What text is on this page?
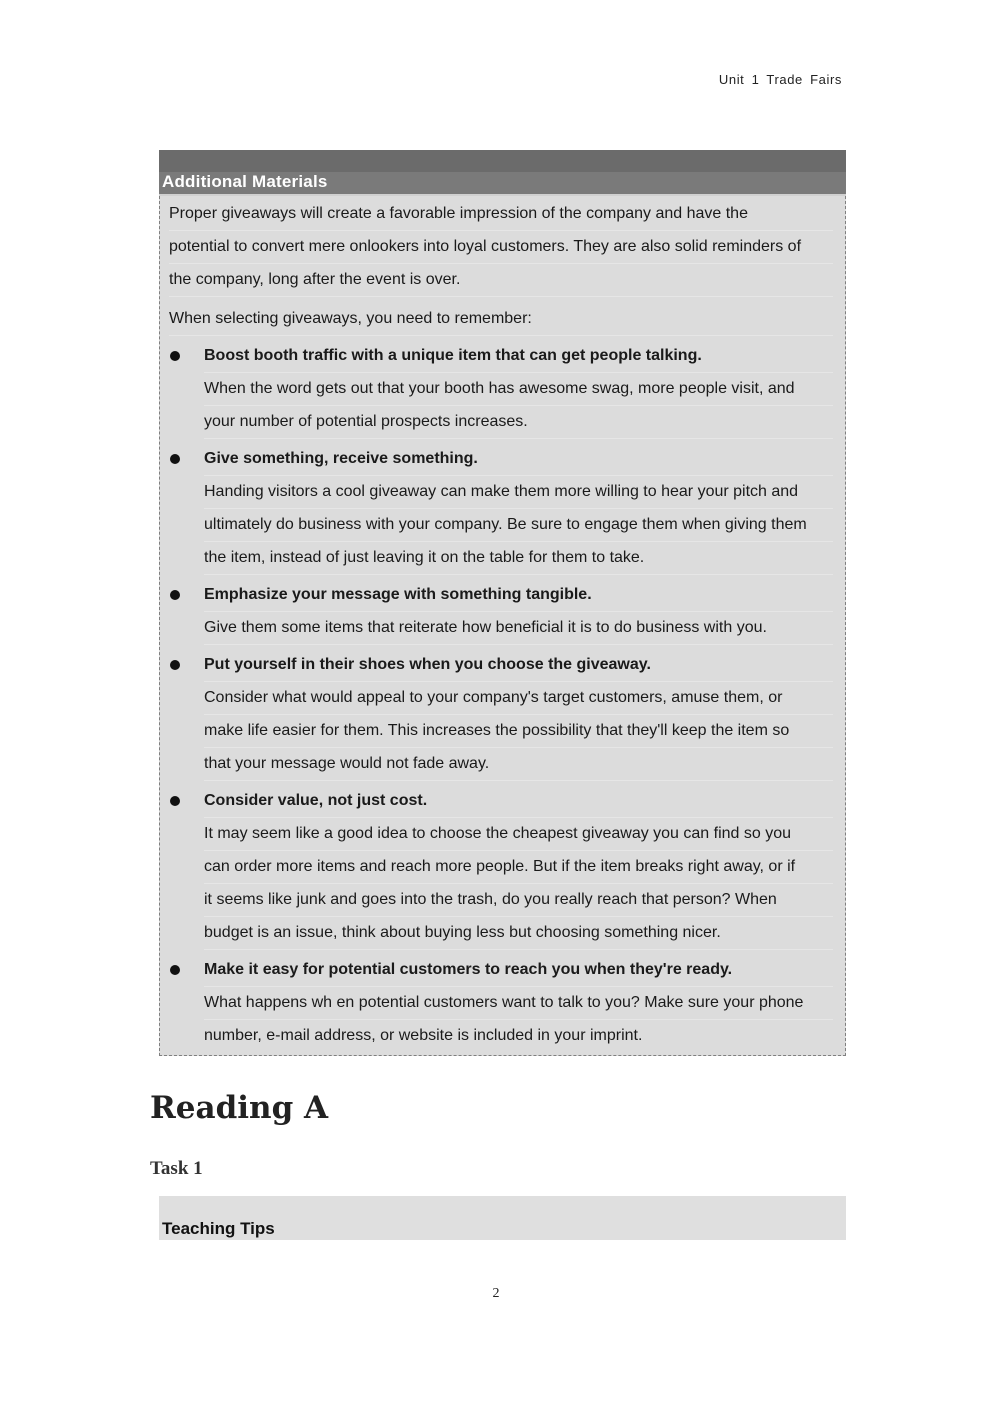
Unit 1 Trade Fairs
Additional Materials
Proper giveaways will create a favorable impression of the company and have the
potential to convert mere onlookers into loyal customers. They are also solid reminders of
the company, long after the event is over.
When selecting giveaways, you need to remember:
Boost booth traffic with a unique item that can get people talking.
When the word gets out that your booth has awesome swag, more people visit, and
your number of potential prospects increases.
Give something, receive something.
Handing visitors a cool giveaway can make them more willing to hear your pitch and
ultimately do business with your company. Be sure to engage them when giving them
the item, instead of just leaving it on the table for them to take.
Emphasize your message with something tangible.
Give them some items that reiterate how beneficial it is to do business with you.
Put yourself in their shoes when you choose the giveaway.
Consider what would appeal to your company's target customers, amuse them, or
make life easier for them. This increases the possibility that they'll keep the item so
that your message would not fade away.
Consider value, not just cost.
It may seem like a good idea to choose the cheapest giveaway you can find so you
can order more items and reach more people. But if the item breaks right away, or if
it seems like junk and goes into the trash, do you really reach that person? When
budget is an issue, think about buying less but choosing something nicer.
Make it easy for potential customers to reach you when they're ready.
What happens wh en potential customers want to talk to you? Make sure your phone
number, e-mail address, or website is included in your imprint.
Reading A
Task 1
Teaching Tips
2
